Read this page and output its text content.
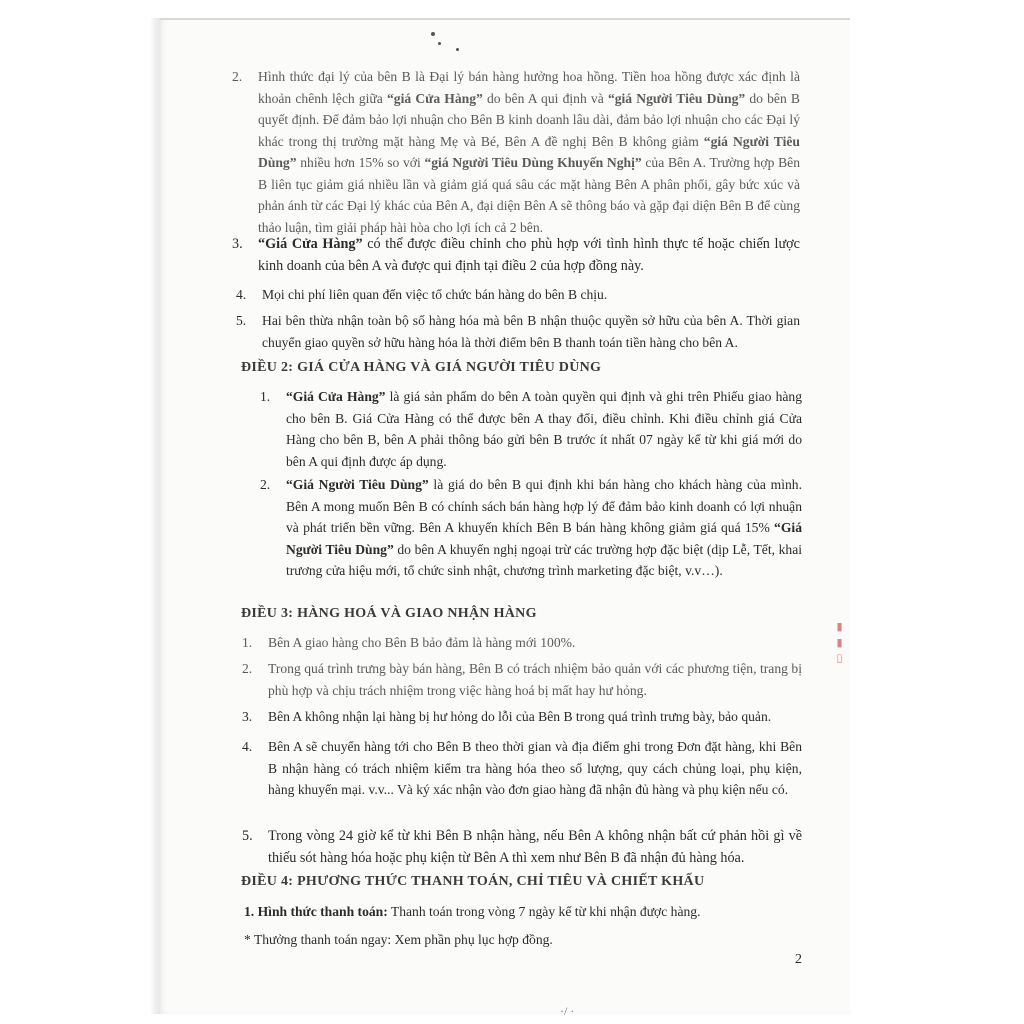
2. Hình thức đại lý của bên B là Đại lý bán hàng hưởng hoa hồng. Tiền hoa hồng được xác định là khoản chênh lệch giữa “giá Cửa Hàng” do bên A qui định và “giá Người Tiêu Dùng” do bên B quyết định. Để đảm bảo lợi nhuận cho Bên B kinh doanh lâu dài, đảm bảo lợi nhuận cho các Đại lý khác trong thị trường mặt hàng Mẹ và Bé, Bên A đề nghị Bên B không giảm “giá Người Tiêu Dùng” nhiều hơn 15% so với “giá Người Tiêu Dùng Khuyến Nghị” của Bên A. Trường hợp Bên B liên tục giảm giá nhiều lần và giảm giá quá sâu các mặt hàng Bên A phân phối, gây bức xúc và phản ánh từ các Đại lý khác của Bên A, đại diện Bên A sẽ thông báo và gặp đại diện Bên B để cùng thảo luận, tìm giải pháp hài hòa cho lợi ích cả 2 bên.
3. “Giá Cửa Hàng” có thể được điều chỉnh cho phù hợp với tình hình thực tế hoặc chiến lược kinh doanh của bên A và được qui định tại điều 2 của hợp đồng này.
4. Mọi chi phí liên quan đến việc tổ chức bán hàng do bên B chịu.
5. Hai bên thừa nhận toàn bộ số hàng hóa mà bên B nhận thuộc quyền sở hữu của bên A. Thời gian chuyển giao quyền sở hữu hàng hóa là thời điểm bên B thanh toán tiền hàng cho bên A.
ĐIỀU 2: GIÁ CỬA HÀNG VÀ GIÁ NGƯỜI TIÊU DÙNG
1. “Giá Cửa Hàng” là giá sản phẩm do bên A toàn quyền qui định và ghi trên Phiếu giao hàng cho bên B. Giá Cửa Hàng có thể được bên A thay đổi, điều chỉnh. Khi điều chỉnh giá Cửa Hàng cho bên B, bên A phải thông báo gửi bên B trước ít nhất 07 ngày kể từ khi giá mới do bên A qui định được áp dụng.
2. “Giá Người Tiêu Dùng” là giá do bên B qui định khi bán hàng cho khách hàng của mình. Bên A mong muốn Bên B có chính sách bán hàng hợp lý để đảm bảo kinh doanh có lợi nhuận và phát triển bền vững. Bên A khuyến khích Bên B bán hàng không giảm giá quá 15% “Giá Người Tiêu Dùng” do bên A khuyến nghị ngoại trừ các trường hợp đặc biệt (dịp Lễ, Tết, khai trương cửa hiệu mới, tổ chức sinh nhật, chương trình marketing đặc biệt, v.v…).
ĐIỀU 3: HÀNG HOÁ VÀ GIAO NHẬN HÀNG
1. Bên A giao hàng cho Bên B bảo đảm là hàng mới 100%.
2. Trong quá trình trưng bày bán hàng, Bên B có trách nhiệm bảo quản với các phương tiện, trang bị phù hợp và chịu trách nhiệm trong việc hàng hoá bị mất hay hư hỏng.
3. Bên A không nhận lại hàng bị hư hỏng do lỗi của Bên B trong quá trình trưng bày, bảo quản.
4. Bên A sẽ chuyển hàng tới cho Bên B theo thời gian và địa điểm ghi trong Đơn đặt hàng, khi Bên B nhận hàng có trách nhiệm kiểm tra hàng hóa theo số lượng, quy cách chủng loại, phụ kiện, hàng khuyến mại. v.v... Và ký xác nhận vào đơn giao hàng đã nhận đủ hàng và phụ kiện nếu có.
5. Trong vòng 24 giờ kể từ khi Bên B nhận hàng, nếu Bên A không nhận bất cứ phản hồi gì về thiếu sót hàng hóa hoặc phụ kiện từ Bên A thì xem như Bên B đã nhận đủ hàng hóa.
ĐIỀU 4: PHƯƠNG THỨC THANH TOÁN, CHỈ TIÊU VÀ CHIẾT KHẤU
1. Hình thức thanh toán: Thanh toán trong vòng 7 ngày kể từ khi nhận được hàng.
* Thưởng thanh toán ngay: Xem phần phụ lục hợp đồng.
2
▮ ▮ ▯
·/ ·
